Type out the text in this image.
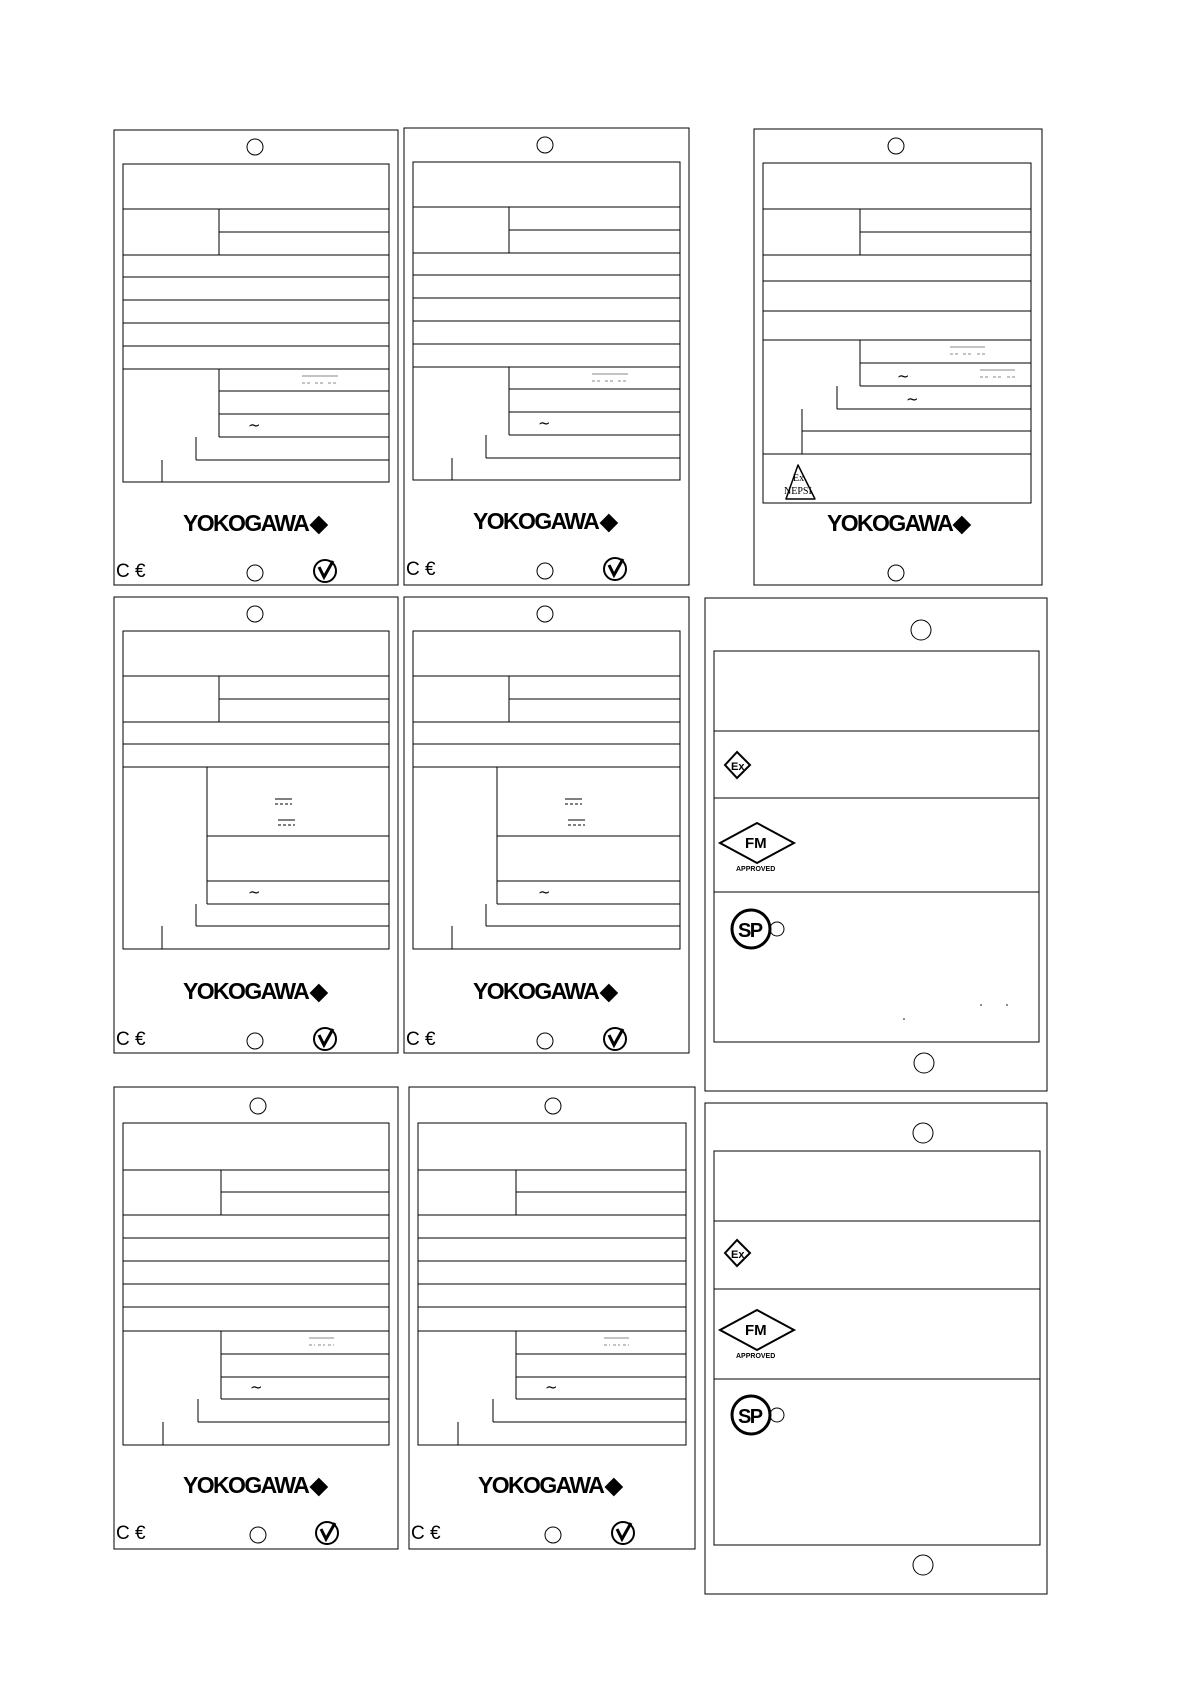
~
YOKOGAWA ◆
C €
~
YOKOGAWA ◆
C €
~
~
Ex
NEPSI
YOKOGAWA ◆
~
YOKOGAWA ◆
C €
~
YOKOGAWA ◆
C €
Ex
FM
APPROVED
SP
~
YOKOGAWA ◆
C €
~
YOKOGAWA ◆
C €
Ex
FM
APPROVED
SP
